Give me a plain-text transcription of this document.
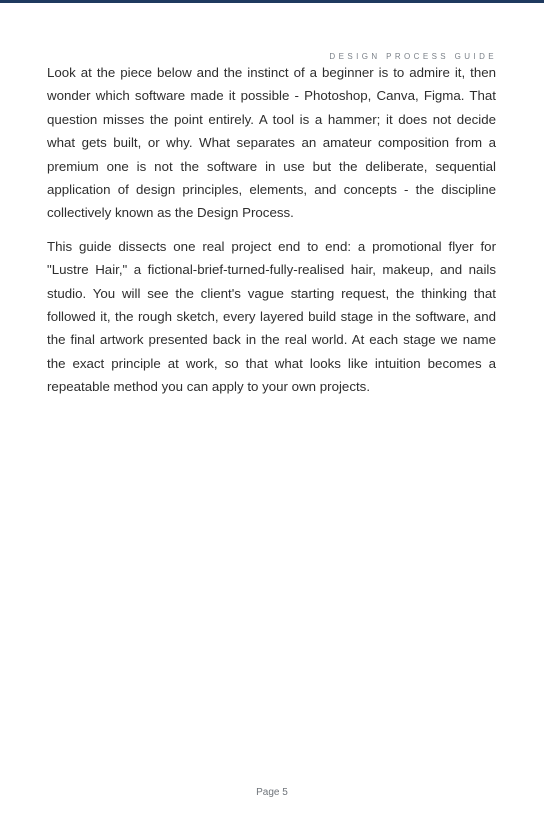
DESIGN PROCESS GUIDE

Look at the piece below and the instinct of a beginner is to admire it, then wonder which software made it possible - Photoshop, Canva, Figma. That question misses the point entirely. A tool is a hammer; it does not decide what gets built, or why. What separates an amateur composition from a premium one is not the software in use but the deliberate, sequential application of design principles, elements, and concepts - the discipline collectively known as the Design Process.

This guide dissects one real project end to end: a promotional flyer for "Lustre Hair," a fictional-brief-turned-fully-realised hair, makeup, and nails studio. You will see the client's vague starting request, the thinking that followed it, the rough sketch, every layered build stage in the software, and the final artwork presented back in the real world. At each stage we name the exact principle at work, so that what looks like intuition becomes a repeatable method you can apply to your own projects.

Page 5
